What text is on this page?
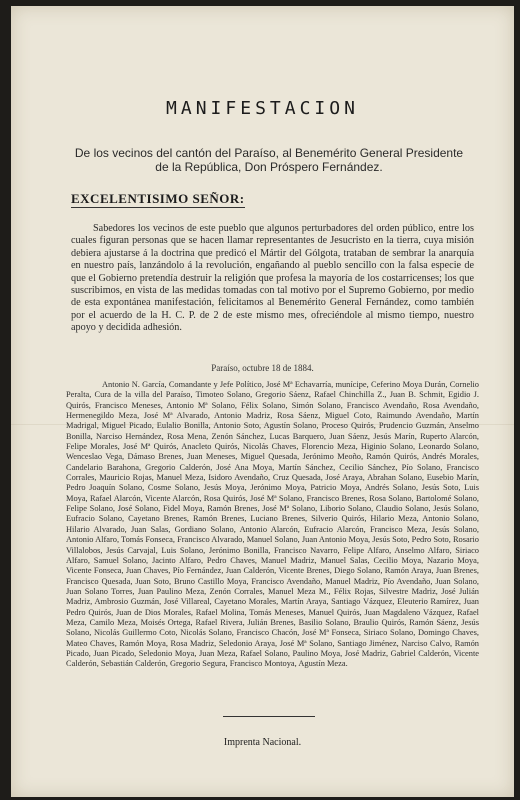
MANIFESTACION
De los vecinos del cantón del Paraíso, al Benemérito General Presidente de la República, Don Próspero Fernández.
EXCELENTISIMO SEÑOR:
Sabedores los vecinos de este pueblo que algunos perturbadores del orden público, entre los cuales figuran personas que se hacen llamar representantes de Jesucristo en la tierra, cuya misión debiera ajustarse á la doctrina que predicó el Mártir del Gólgota, trataban de sembrar la anarquía en nuestro país, lanzándolo á la revolución, engañando al pueblo sencillo con la falsa especie de que el Gobierno pretendía destruir la religión que profesa la mayoría de los costarricenses; los que suscribimos, en vista de las medidas tomadas con tal motivo por el Supremo Gobierno, por medio de esta expontánea manifestación, felicitamos al Benemérito General Fernández, como también por el acuerdo de la H. C. P. de 2 de este mismo mes, ofreciéndole al mismo tiempo, nuestro apoyo y decidida adhesión.
Paraíso, octubre 18 de 1884.
Antonio N. García, Comandante y Jefe Político, José Mª Echavarría, munícipe, Ceferino Moya Durán, Cornelio Peralta, Cura de la villa del Paraíso, Timoteo Solano, Gregorio Sáenz, Rafael Chinchilla Z., Juan B. Schmit, Egidio J. Quirós, Francisco Meneses, Antonio Mª Solano, Félix Solano, Simón Solano, Francisco Avendaño, Rosa Avendaño, Hermenegildo Meza, José Mª Alvarado, Antonio Madriz, Rosa Sáenz, Miguel Coto, Raimundo Avendaño, Martín Madrigal, Miguel Picado, Eulalio Bonilla, Antonio Soto, Agustín Solano, Proceso Quirós, Prudencio Guzmán, Anselmo Bonilla, Narciso Hernández, Rosa Mena, Zenón Sánchez, Lucas Barquero, Juan Sáenz, Jesús Marín, Ruperto Alarcón, Felipe Morales, José Mª Quirós, Anacleto Quirós, Nicolás Chaves, Florencio Meza, Higinio Solano, Leonardo Solano, Wenceslao Vega, Dámaso Brenes, Juan Meneses, Miguel Quesada, Jerónimo Meoño, Ramón Quirós, Andrés Morales, Candelario Barahona, Gregorio Calderón, José Ana Moya, Martín Sánchez, Cecilio Sánchez, Pío Solano, Francisco Corrales, Mauricio Rojas, Manuel Meza, Isidoro Avendaño, Cruz Quesada, José Araya, Abrahan Solano, Eusebio Marín, Pedro Joaquín Solano, Cosme Solano, Jesús Moya, Jerónimo Moya, Patricio Moya, Andrés Solano, Jesús Soto, Luis Moya, Rafael Alarcón, Vicente Alarcón, Rosa Quirós, José Mª Solano, Francisco Brenes, Rosa Solano, Bartolomé Solano, Felipe Solano, José Solano, Fidel Moya, Ramón Brenes, José Mª Solano, Liborio Solano, Claudio Solano, Jesús Solano, Eufracio Solano, Cayetano Brenes, Ramón Brenes, Luciano Brenes, Silverio Quirós, Hilario Meza, Antonio Solano, Hilario Alvarado, Juan Salas, Gordiano Solano, Antonio Alarcón, Eufracio Alarcón, Francisco Meza, Jesús Solano, Antonio Alfaro, Tomás Fonseca, Francisco Alvarado, Manuel Solano, Juan Antonio Moya, Jesús Soto, Pedro Soto, Rosario Villalobos, Jesús Carvajal, Luis Solano, Jerónimo Bonilla, Francisco Navarro, Felipe Alfaro, Anselmo Alfaro, Siriaco Alfaro, Samuel Solano, Jacinto Alfaro, Pedro Chaves, Manuel Madriz, Manuel Salas, Cecilio Moya, Nazario Moya, Vicente Fonseca, Juan Chaves, Pío Fernández, Juan Calderón, Vicente Brenes, Diego Solano, Ramón Araya, Juan Brenes, Francisco Quesada, Juan Soto, Bruno Castillo Moya, Francisco Avendaño, Manuel Madriz, Pío Avendaño, Juan Solano, Juan Solano Torres, Juan Paulino Meza, Zenón Corrales, Manuel Meza M., Félix Rojas, Silvestre Madriz, José Julián Madriz, Ambrosio Guzmán, José Villareal, Cayetano Morales, Martín Araya, Santiago Vázquez, Eleuterio Ramírez, Juan Pedro Quirós, Juan de Dios Morales, Rafael Molina, Tomás Meneses, Manuel Quirós, Juan Magdaleno Vázquez, Rafael Meza, Camilo Meza, Moisés Ortega, Rafael Rivera, Julián Brenes, Basilio Solano, Braulio Quirós, Ramón Sáenz, Jesús Solano, Nicolás Guillermo Coto, Nicolás Solano, Francisco Chacón, José Mª Fonseca, Siriaco Solano, Domingo Chaves, Mateo Chaves, Ramón Moya, Rosa Madriz, Seledonio Araya, José Mª Solano, Santiago Jiménez, Narciso Calvo, Ramón Picado, Juan Picado, Seledonio Moya, Juan Meza, Rafael Solano, Paulino Moya, José Madriz, Gabriel Calderón, Vicente Calderón, Sebastián Calderón, Gregorio Segura, Francisco Montoya, Agustín Meza.
Imprenta Nacional.
